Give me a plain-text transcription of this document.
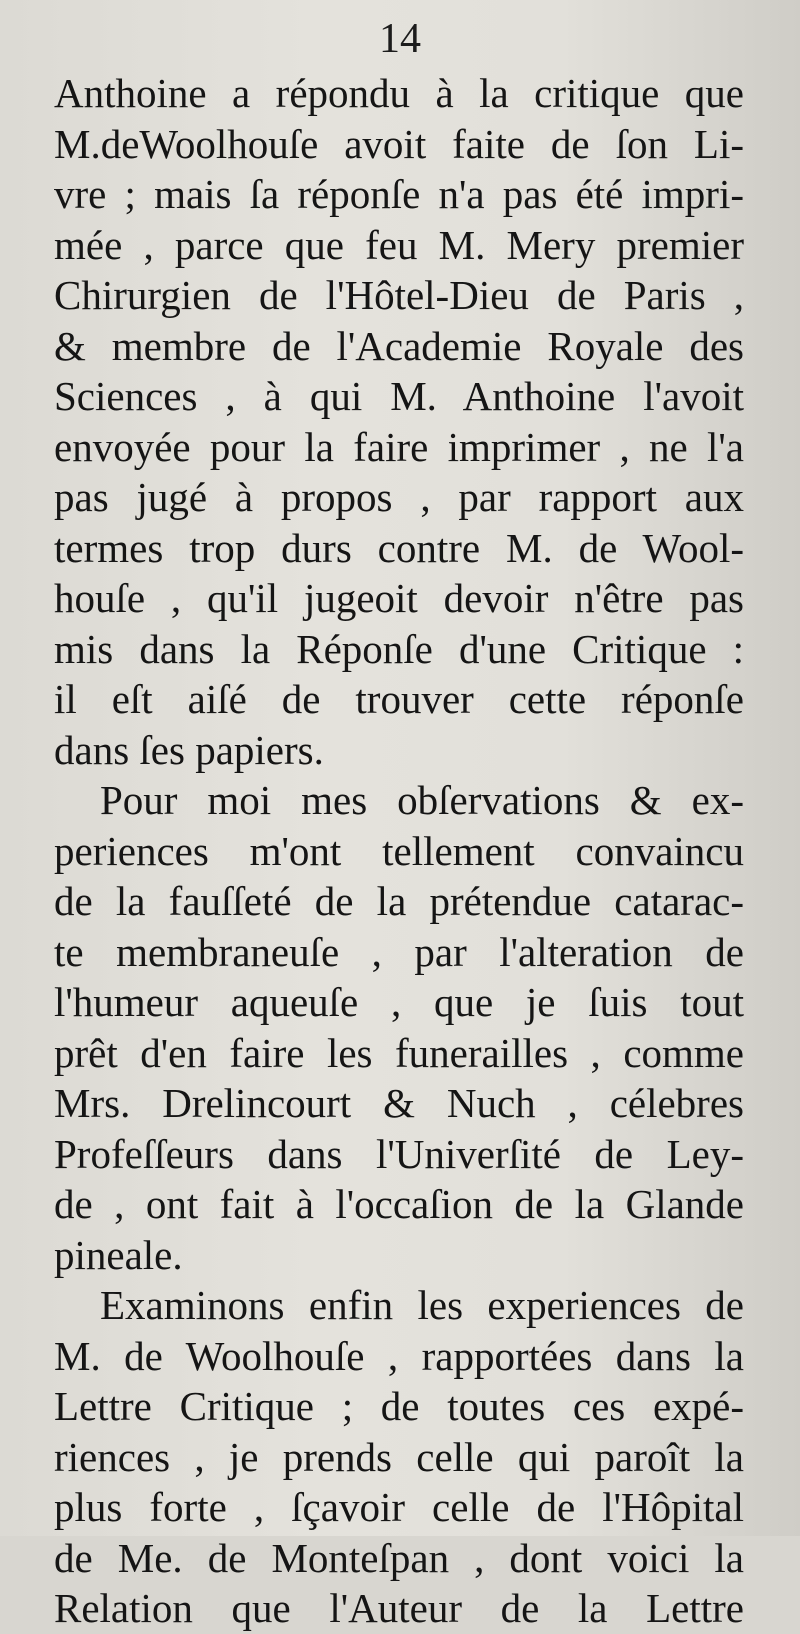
14
Anthoine a répondu à la critique que
M.deWoolhouſe avoit faite de ſon Li-
vre ; mais ſa réponſe n'a pas été impri-
mée , parce que feu M. Mery premier
Chirurgien de l'Hôtel-Dieu de Paris ,
& membre de l'Academie Royale des
Sciences , à qui M. Anthoine l'avoit
envoyée pour la faire imprimer , ne l'a
pas jugé à propos , par rapport aux
termes trop durs contre M. de Wool-
houſe , qu'il jugeoit devoir n'être pas
mis dans la Réponſe d'une Critique :
il eſt aiſé de trouver cette réponſe
dans ſes papiers.
Pour moi mes obſervations & ex-
periences m'ont tellement convaincu
de la fauſſeté de la prétendue catarac-
te membraneuſe , par l'alteration de
l'humeur aqueuſe , que je ſuis tout
prêt d'en faire les funerailles , comme
Mrs. Drelincourt & Nuch , célebres
Profeſſeurs dans l'Univerſité de Ley-
de , ont fait à l'occaſion de la Glande
pineale.
Examinons enfin les experiences de
M. de Woolhouſe , rapportées dans la
Lettre Critique ; de toutes ces expé-
riences , je prends celle qui paroît la
plus forte , ſçavoir celle de l'Hôpital
de Me. de Monteſpan , dont voici la
Relation que l'Auteur de la Lettre
